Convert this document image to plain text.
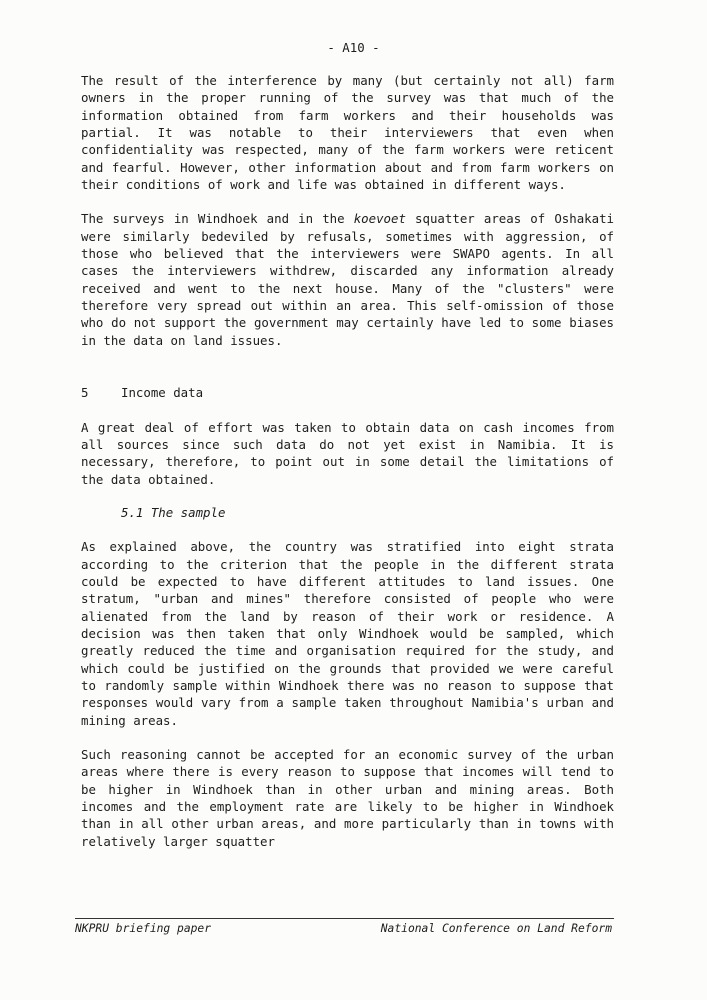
- A10 -

The result of the interference by many (but certainly not all) farm owners in the proper running of the survey was that much of the information obtained from farm workers and their households was partial. It was notable to their interviewers that even when confidentiality was respected, many of the farm workers were reticent and fearful. However, other information about and from farm workers on their conditions of work and life was obtained in different ways.

The surveys in Windhoek and in the koevoet squatter areas of Oshakati were similarly bedeviled by refusals, sometimes with aggression, of those who believed that the interviewers were SWAPO agents. In all cases the interviewers withdrew, discarded any information already received and went to the next house. Many of the "clusters" were therefore very spread out within an area. This self-omission of those who do not support the government may certainly have led to some biases in the data on land issues.

5	Income data

A great deal of effort was taken to obtain data on cash incomes from all sources since such data do not yet exist in Namibia. It is necessary, therefore, to point out in some detail the limitations of the data obtained.

5.1 The sample

As explained above, the country was stratified into eight strata according to the criterion that the people in the different strata could be expected to have different attitudes to land issues. One stratum, "urban and mines" therefore consisted of people who were alienated from the land by reason of their work or residence. A decision was then taken that only Windhoek would be sampled, which greatly reduced the time and organisation required for the study, and which could be justified on the grounds that provided we were careful to randomly sample within Windhoek there was no reason to suppose that responses would vary from a sample taken throughout Namibia's urban and mining areas.

Such reasoning cannot be accepted for an economic survey of the urban areas where there is every reason to suppose that incomes will tend to be higher in Windhoek than in other urban and mining areas. Both incomes and the employment rate are likely to be higher in Windhoek than in all other urban areas, and more particularly than in towns with relatively larger squatter

NKPRU briefing paper	National Conference on Land Reform
